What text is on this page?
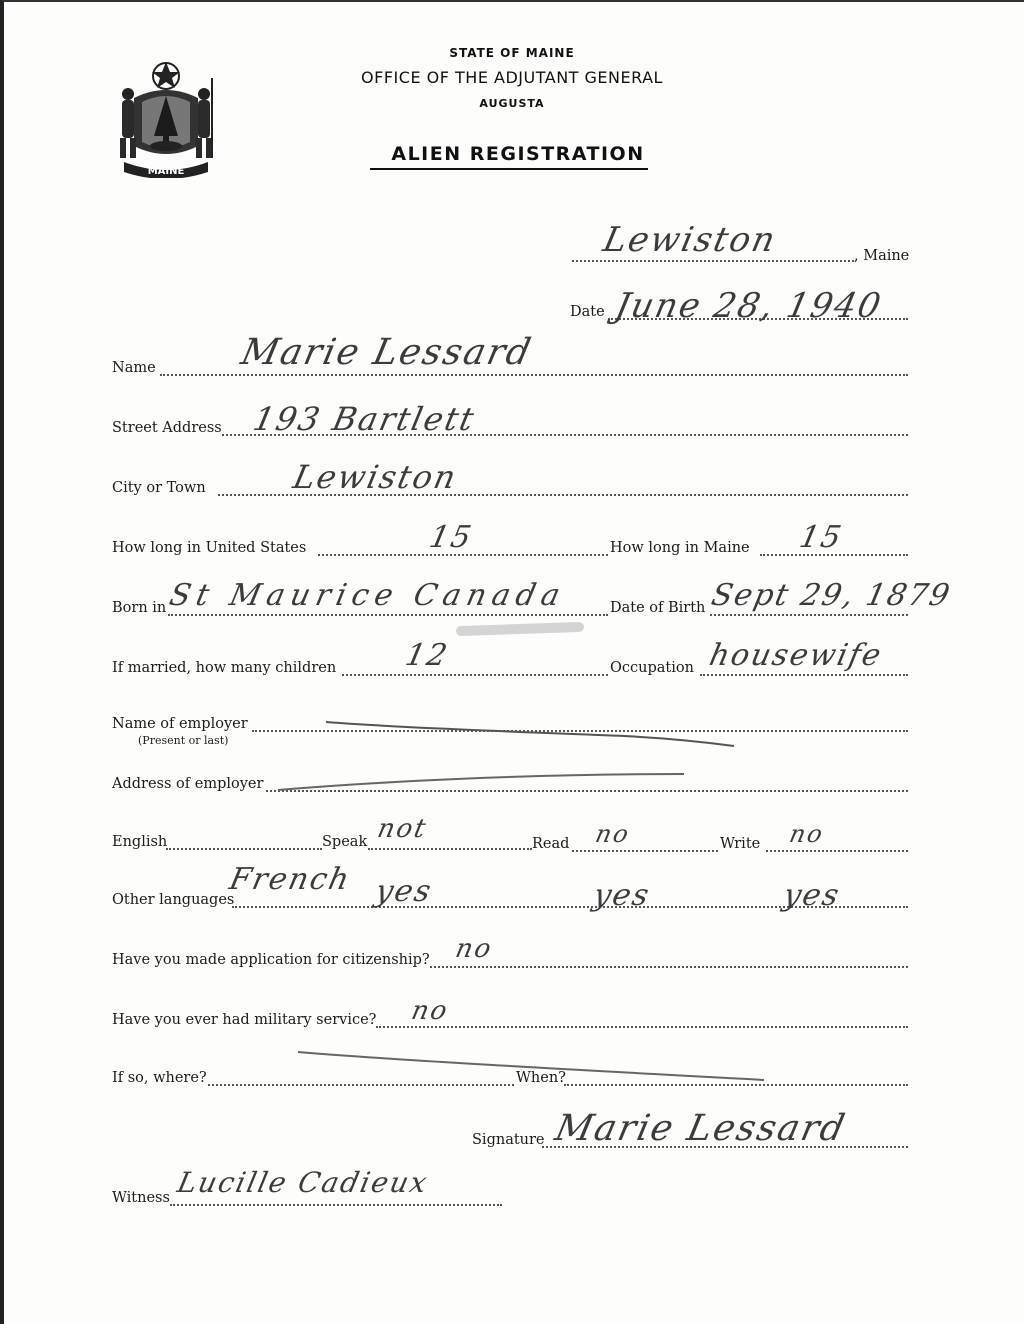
MAINE
STATE OF MAINE
OFFICE OF THE ADJUTANT GENERAL
AUGUSTA
ALIEN REGISTRATION
, Maine
Lewiston
Date June 28, 1940
Name Marie Lessard
Street Address 193 Bartlett
City or Town	Lewiston
How long in United States	15	How long in Maine 15
Born in St Maurice Canada	Date of Birth Sept 29, 1879
If married, how many children 12	Occupation housewife
Name of employer
(Present or last)
Address of employer
English	Speak not	Read no	Write no
Other languages
French yes	yes	yes
Have you made application for citizenship? no
Have you ever had military service? no
If so, where?	When?
Signature Marie Lessard
Witness Lucille Cadieux
